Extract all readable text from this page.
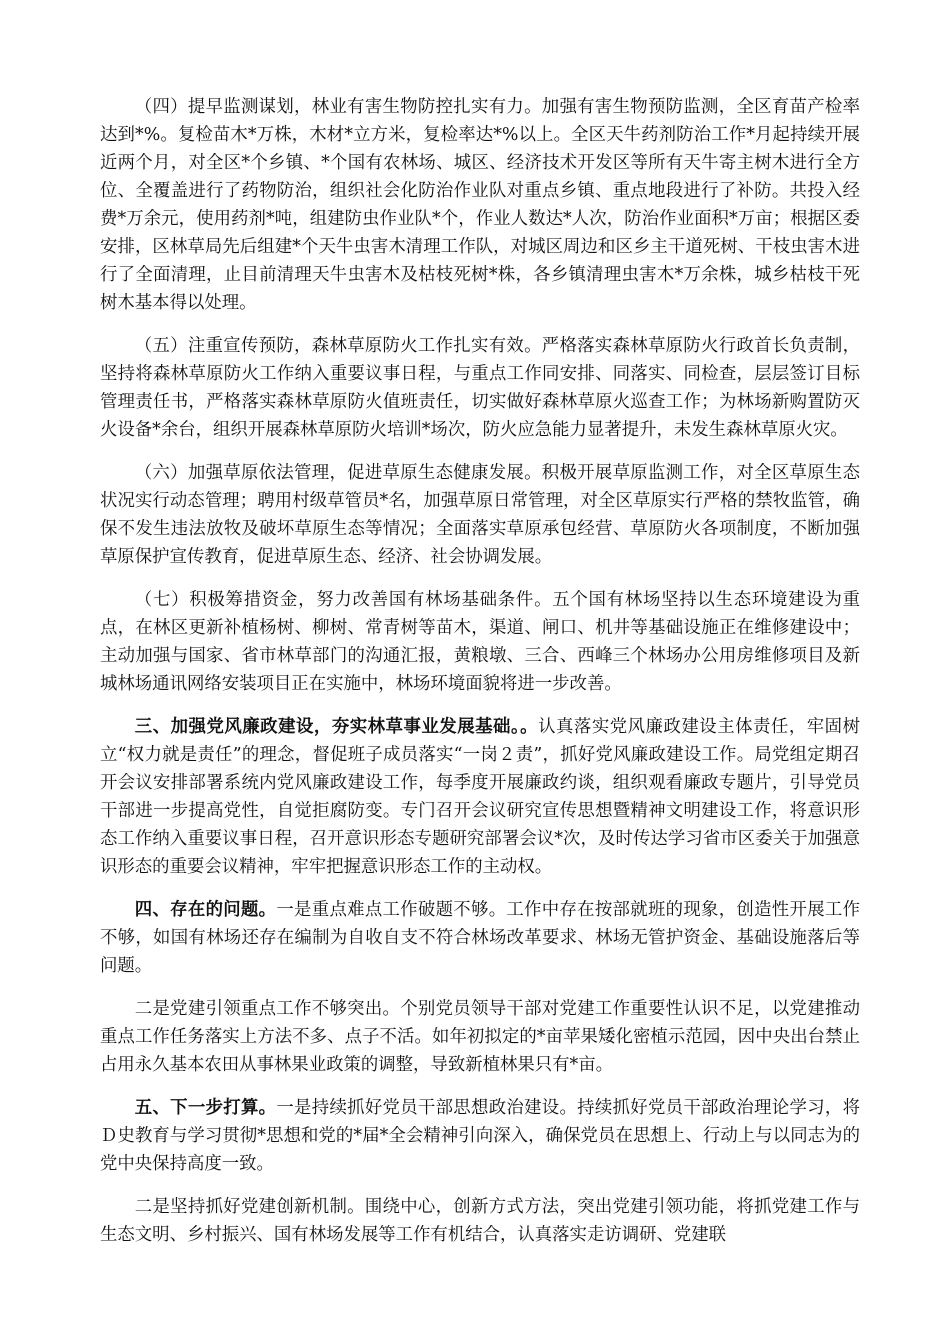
（四）提早监测谋划，林业有害生物防控扎实有力。加强有害生物预防监测，全区育苗产检率达到*%。复检苗木*万株，木材*立方米，复检率达*%以上。全区天牛药剂防治工作*月起持续开展近两个月，对全区*个乡镇、*个国有农林场、城区、经济技术开发区等所有天牛寄主树木进行全方位、全覆盖进行了药物防治，组织社会化防治作业队对重点乡镇、重点地段进行了补防。共投入经费*万余元，使用药剂*吨，组建防虫作业队*个，作业人数达*人次，防治作业面积*万亩；根据区委安排，区林草局先后组建*个天牛虫害木清理工作队，对城区周边和区乡主干道死树、干枝虫害木进行了全面清理，止目前清理天牛虫害木及枯枝死树*株，各乡镇清理虫害木*万余株，城乡枯枝干死树木基本得以处理。

（五）注重宣传预防，森林草原防火工作扎实有效。严格落实森林草原防火行政首长负责制，坚持将森林草原防火工作纳入重要议事日程，与重点工作同安排、同落实、同检查，层层签订目标管理责任书，严格落实森林草原防火值班责任，切实做好森林草原火巡查工作；为林场新购置防灭火设备*余台，组织开展森林草原防火培训*场次，防火应急能力显著提升，未发生森林草原火灾。

（六）加强草原依法管理，促进草原生态健康发展。积极开展草原监测工作，对全区草原生态状况实行动态管理；聘用村级草管员*名，加强草原日常管理，对全区草原实行严格的禁牧监管，确保不发生违法放牧及破坏草原生态等情况；全面落实草原承包经营、草原防火各项制度，不断加强草原保护宣传教育，促进草原生态、经济、社会协调发展。

（七）积极筹措资金，努力改善国有林场基础条件。五个国有林场坚持以生态环境建设为重点，在林区更新补植杨树、柳树、常青树等苗木，渠道、闸口、机井等基础设施正在维修建设中；主动加强与国家、省市林草部门的沟通汇报，黄粮墩、三合、西峰三个林场办公用房维修项目及新城林场通讯网络安装项目正在实施中，林场环境面貌将进一步改善。

三、加强党风廉政建设，夯实林草事业发展基础。。认真落实党风廉政建设主体责任，牢固树立“权力就是责任”的理念，督促班子成员落实“一岗２责”，抓好党风廉政建设工作。局党组定期召开会议安排部署系统内党风廉政建设工作，每季度开展廉政约谈，组织观看廉政专题片，引导党员干部进一步提高党性，自觉拒腐防变。专门召开会议研究宣传思想暨精神文明建设工作，将意识形态工作纳入重要议事日程，召开意识形态专题研究部署会议*次，及时传达学习省市区委关于加强意识形态的重要会议精神，牢牢把握意识形态工作的主动权。

四、存在的问题。一是重点难点工作破题不够。工作中存在按部就班的现象，创造性开展工作不够，如国有林场还存在编制为自收自支不符合林场改革要求、林场无管护资金、基础设施落后等问题。

二是党建引领重点工作不够突出。个别党员领导干部对党建工作重要性认识不足，以党建推动重点工作任务落实上方法不多、点子不活。如年初拟定的*亩苹果矮化密植示范园，因中央出台禁止占用永久基本农田从事林果业政策的调整，导致新植林果只有*亩。

五、下一步打算。一是持续抓好党员干部思想政治建设。持续抓好党员干部政治理论学习，将Ｄ史教育与学习贯彻*思想和党的*届*全会精神引向深入，确保党员在思想上、行动上与以同志为的党中央保持高度一致。

二是坚持抓好党建创新机制。围绕中心，创新方式方法，突出党建引领功能，将抓党建工作与生态文明、乡村振兴、国有林场发展等工作有机结合，认真落实走访调研、党建联
